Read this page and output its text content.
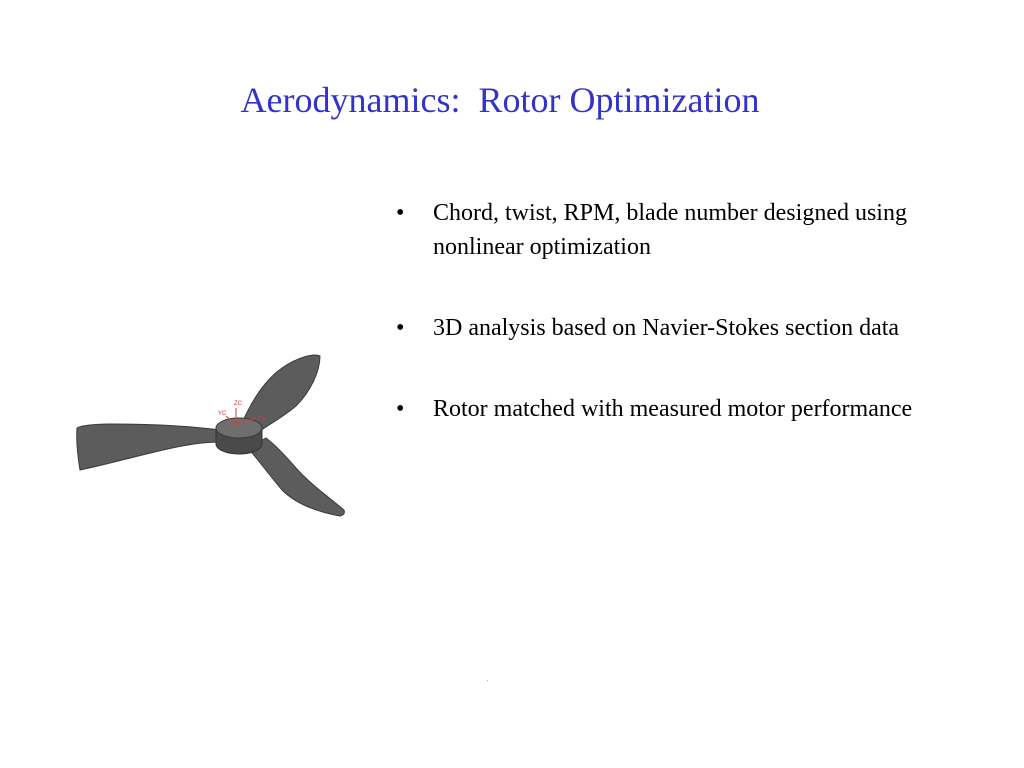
Aerodynamics:  Rotor Optimization
ZC
YC
XC
• Chord, twist, RPM, blade number designed using nonlinear optimization
• 3D analysis based on Navier-Stokes section data
• Rotor matched with measured motor performance
